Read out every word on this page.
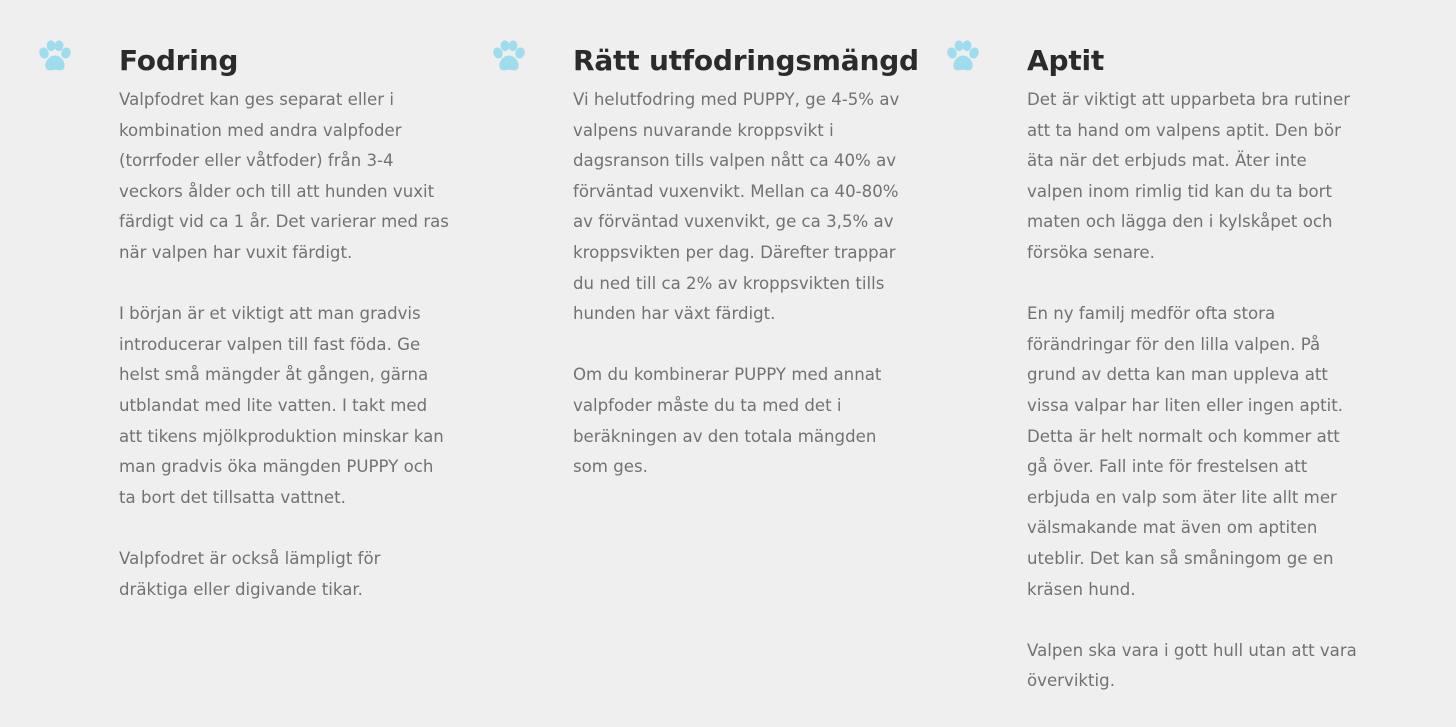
Fodring

Valpfodret kan ges separat eller i kombination med andra valpfoder (torrfoder eller våtfoder) från 3-4 veckors ålder och till att hunden vuxit färdigt vid ca 1 år. Det varierar med ras när valpen har vuxit färdigt.

I början är et viktigt att man gradvis introducerar valpen till fast föda. Ge helst små mängder åt gången, gärna utblandat med lite vatten. I takt med att tikens mjölkproduktion minskar kan man gradvis öka mängden PUPPY och ta bort det tillsatta vattnet.

Valpfodret är också lämpligt för dräktiga eller digivande tikar.

Rätt utfodringsmängd

Vi helutfodring med PUPPY, ge 4-5% av valpens nuvarande kroppsvikt i dagsranson tills valpen nått ca 40% av förväntad vuxenvikt. Mellan ca 40-80% av förväntad vuxenvikt, ge ca 3,5% av kroppsvikten per dag. Därefter trappar du ned till ca 2% av kroppsvikten tills hunden har växt färdigt.

Om du kombinerar PUPPY med annat valpfoder måste du ta med det i beräkningen av den totala mängden som ges.

Aptit

Det är viktigt att upparbeta bra rutiner att ta hand om valpens aptit. Den bör äta när det erbjuds mat. Äter inte valpen inom rimlig tid kan du ta bort maten och lägga den i kylskåpet och försöka senare.

En ny familj medför ofta stora förändringar för den lilla valpen. På grund av detta kan man uppleva att vissa valpar har liten eller ingen aptit. Detta är helt normalt och kommer att gå över. Fall inte för frestelsen att erbjuda en valp som äter lite allt mer välsmakande mat även om aptiten uteblir. Det kan så småningom ge en kräsen hund.

Valpen ska vara i gott hull utan att vara överviktig.
